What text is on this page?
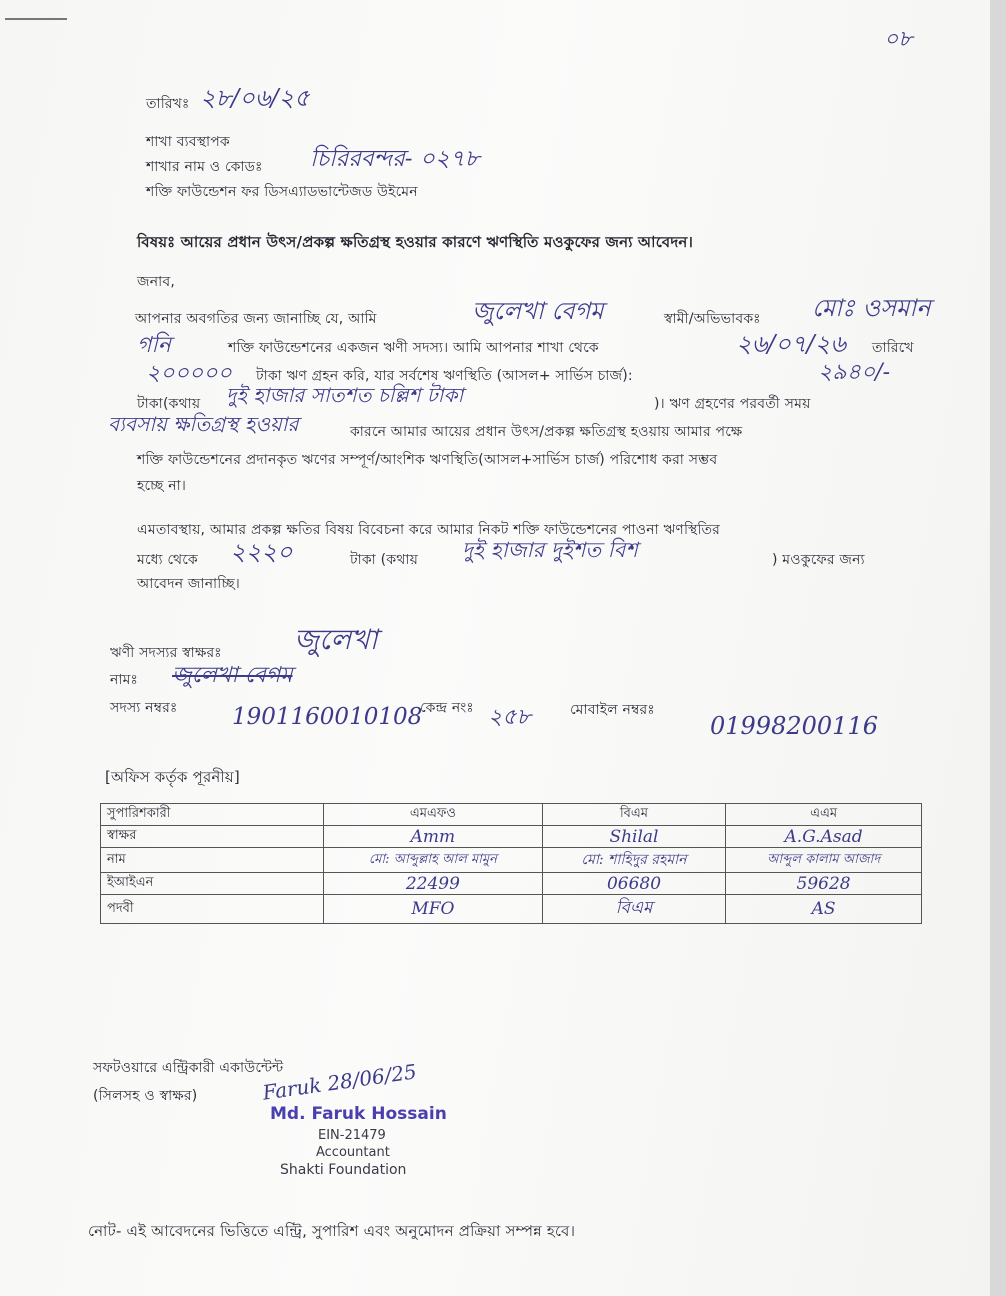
০৮
তারিখঃ ২৮/০৬/২৫
শাখা ব্যবস্থাপক
শাখার নাম ও কোডঃ চিরিরবন্দর- ০২৭৮
শক্তি ফাউন্ডেশন ফর ডিসএ্যাডভান্টেজড উইমেন
বিষয়ঃ আয়ের প্রধান উৎস/প্রকল্প ক্ষতিগ্রস্থ হওয়ার কারণে ঋণস্থিতি মওকুফের জন্য আবেদন।
জনাব,
আপনার অবগতির জন্য জানাচ্ছি যে, আমি	জুলেখা বেগম	স্বামী/অভিভাবকঃ মোঃ ওসমান
গনি	শক্তি ফাউন্ডেশনের একজন ঋণী সদস্য। আমি আপনার শাখা থেকে	২৬/০৭/২৬ তারিখে
২০০০০০ টাকা ঋণ গ্রহন করি, যার সর্বশেষ ঋণস্থিতি (আসল+ সার্ভিস চার্জ):	২৯৪০/-
টাকা(কথায় দুই হাজার সাতশত চল্লিশ টাকা	)। ঋণ গ্রহণের পরবর্তী সময়
ব্যবসায় ক্ষতিগ্রস্থ হওয়ার	কারনে আমার আয়ের প্রধান উৎস/প্রকল্প ক্ষতিগ্রস্থ হওয়ায় আমার পক্ষে
শক্তি ফাউন্ডেশনের প্রদানকৃত ঋণের সম্পূর্ণ/আংশিক ঋণস্থিতি(আসল+সার্ভিস চার্জ) পরিশোধ করা সম্ভব
হচ্ছে না।
এমতাবস্থায়, আমার প্রকল্প ক্ষতির বিষয় বিবেচনা করে আমার নিকট শক্তি ফাউন্ডেশনের পাওনা ঋণস্থিতির
মধ্যে থেকে ২২২০	টাকা (কথায় দুই হাজার দুইশত বিশ	) মওকুফের জন্য
আবেদন জানাচ্ছি।
ঋণী সদস্যর স্বাক্ষরঃ	জুলেখা
নামঃ জুলেখা বেগম
সদস্য নম্বরঃ 1901160010108
কেন্দ্র নংঃ ২৫৮	মোবাইল নম্বরঃ
01998200116
[অফিস কর্তৃক পূরনীয়]
সুপারিশকারী	এমএফও	বিএম	এএম
স্বাক্ষর	Amm	Shilal	A.G.Asad
নাম	মো: আব্দুল্লাহ আল মামুন	মো: শাহিদুর রহমান	আব্দুল কালাম আজাদ
ইআইএন	22499	06680	59628
পদবী	MFO	বিএম	AS
সফটওয়ারে এন্ট্রিকারী একাউন্টেন্ট
(সিলসহ ও স্বাক্ষর)	Faruk 28/06/25
Md. Faruk Hossain
EIN-21479
Accountant
Shakti Foundation
নোট- এই আবেদনের ভিত্তিতে এন্ট্রি, সুপারিশ এবং অনুমোদন প্রক্রিয়া সম্পন্ন হবে।
